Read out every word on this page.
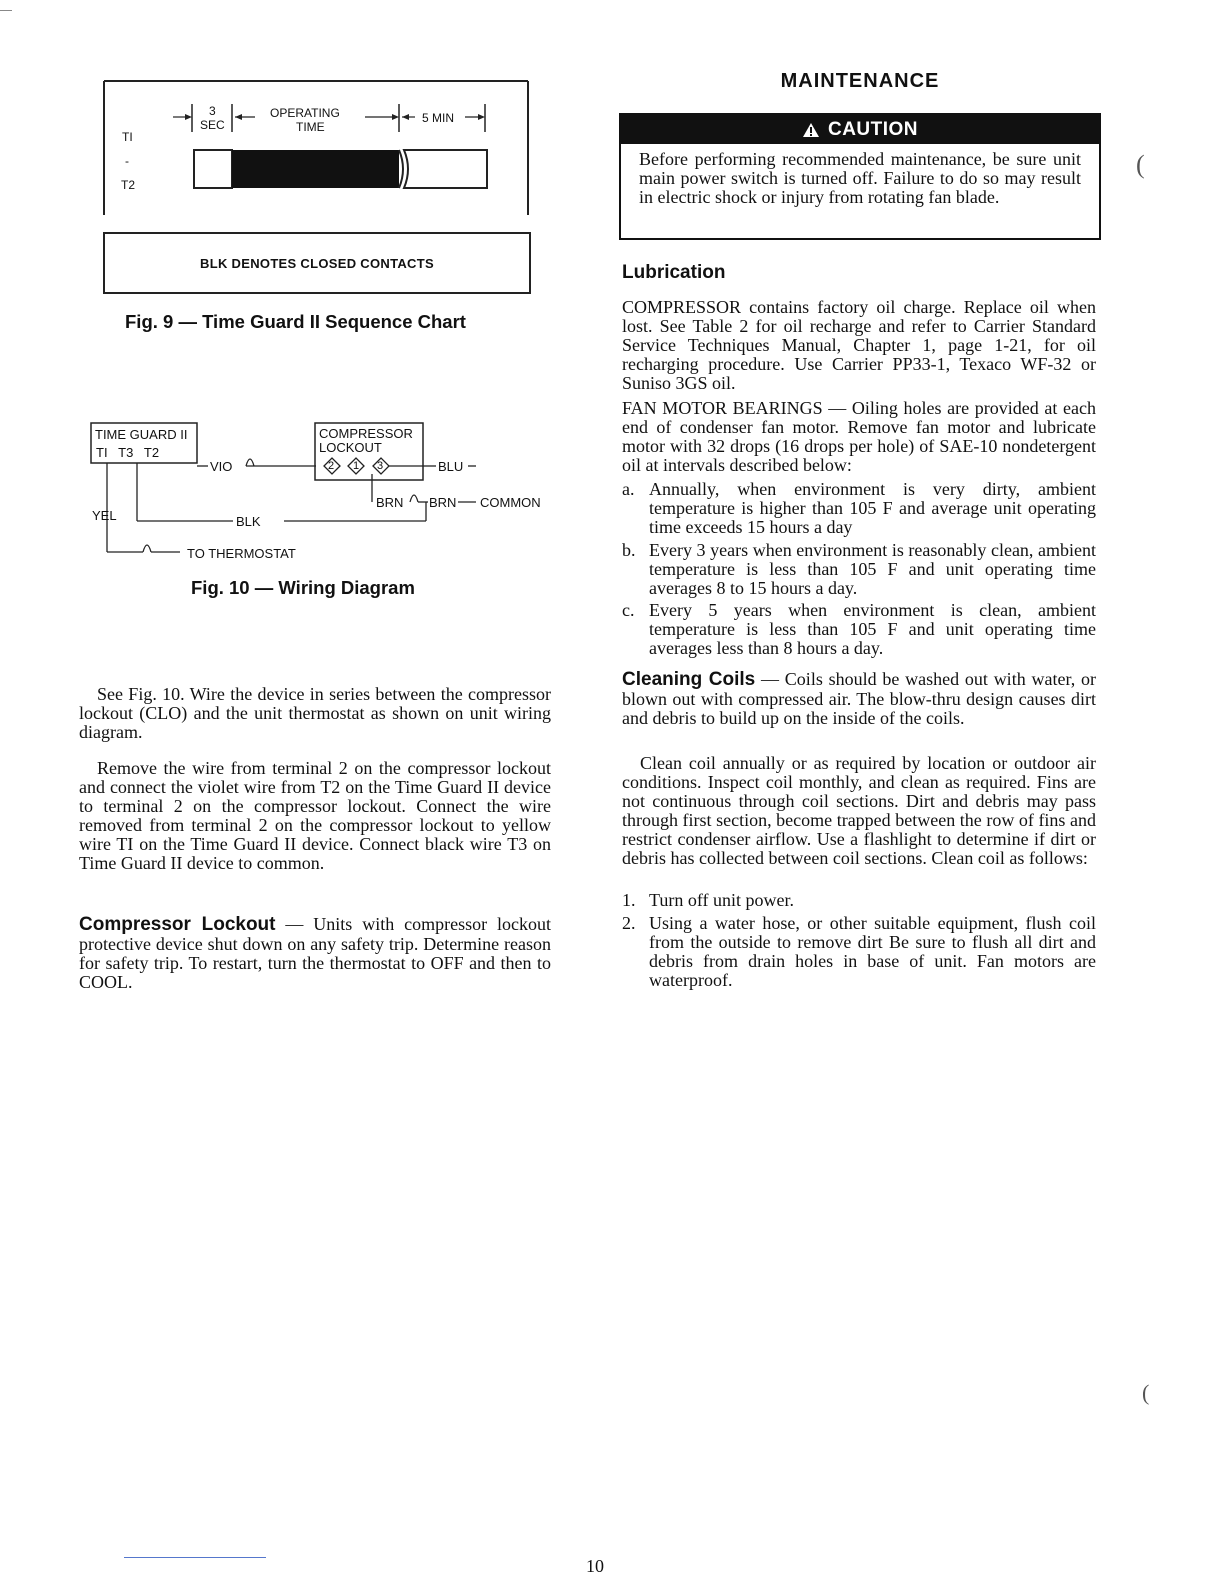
TI
-
T2
3
SEC
OPERATING
TIME
5 MIN
BLK DENOTES CLOSED CONTACTS
Fig. 9 — Time Guard II Sequence Chart
TIME GUARD II
TI   T3   T2
COMPRESSOR
LOCKOUT
2 1 3
VIO	BLU
BRN BRN COMMON
YEL	BLK
TO THERMOSTAT
Fig. 10 — Wiring Diagram
See Fig. 10. Wire the device in series between the compressor lockout (CLO) and the unit thermostat as shown on unit wiring diagram.
Remove the wire from terminal 2 on the compressor lockout and connect the violet wire from T2 on the Time Guard II device to terminal 2 on the compressor lockout. Connect the wire removed from terminal 2 on the compressor lockout to yellow wire TI on the Time Guard II device. Connect black wire T3 on Time Guard II device to common.
Compressor Lockout — Units with compressor lockout protective device shut down on any safety trip. Determine reason for safety trip. To restart, turn the thermostat to OFF and then to COOL.
MAINTENANCE
CAUTION
Before performing recommended maintenance, be sure unit main power switch is turned off. Failure to do so may result in electric shock or injury from rotating fan blade.
Lubrication
COMPRESSOR contains factory oil charge. Replace oil when lost. See Table 2 for oil recharge and refer to Carrier Standard Service Techniques Manual, Chapter 1, page 1-21, for oil recharging procedure. Use Carrier PP33-1, Texaco WF-32 or Suniso 3GS oil.
FAN MOTOR BEARINGS — Oiling holes are provided at each end of condenser fan motor. Remove fan motor and lubricate motor with 32 drops (16 drops per hole) of SAE-10 nondetergent oil at intervals described below:
a. Annually, when environment is very dirty, ambient temperature is higher than 105 F and average unit operating time exceeds 15 hours a day
b. Every 3 years when environment is reasonably clean, ambient temperature is less than 105 F and unit operating time averages 8 to 15 hours a day.
c. Every 5 years when environment is clean, ambient temperature is less than 105 F and unit operating time averages less than 8 hours a day.
Cleaning Coils — Coils should be washed out with water, or blown out with compressed air. The blow-thru design causes dirt and debris to build up on the inside of the coils.
Clean coil annually or as required by location or outdoor air conditions. Inspect coil monthly, and clean as required. Fins are not continuous through coil sections. Dirt and debris may pass through first section, become trapped between the row of fins and restrict condenser airflow. Use a flashlight to determine if dirt or debris has collected between coil sections. Clean coil as follows:
1. Turn off unit power.
2. Using a water hose, or other suitable equipment, flush coil from the outside to remove dirt Be sure to flush all dirt and debris from drain holes in base of unit. Fan motors are waterproof.
(
(
10
